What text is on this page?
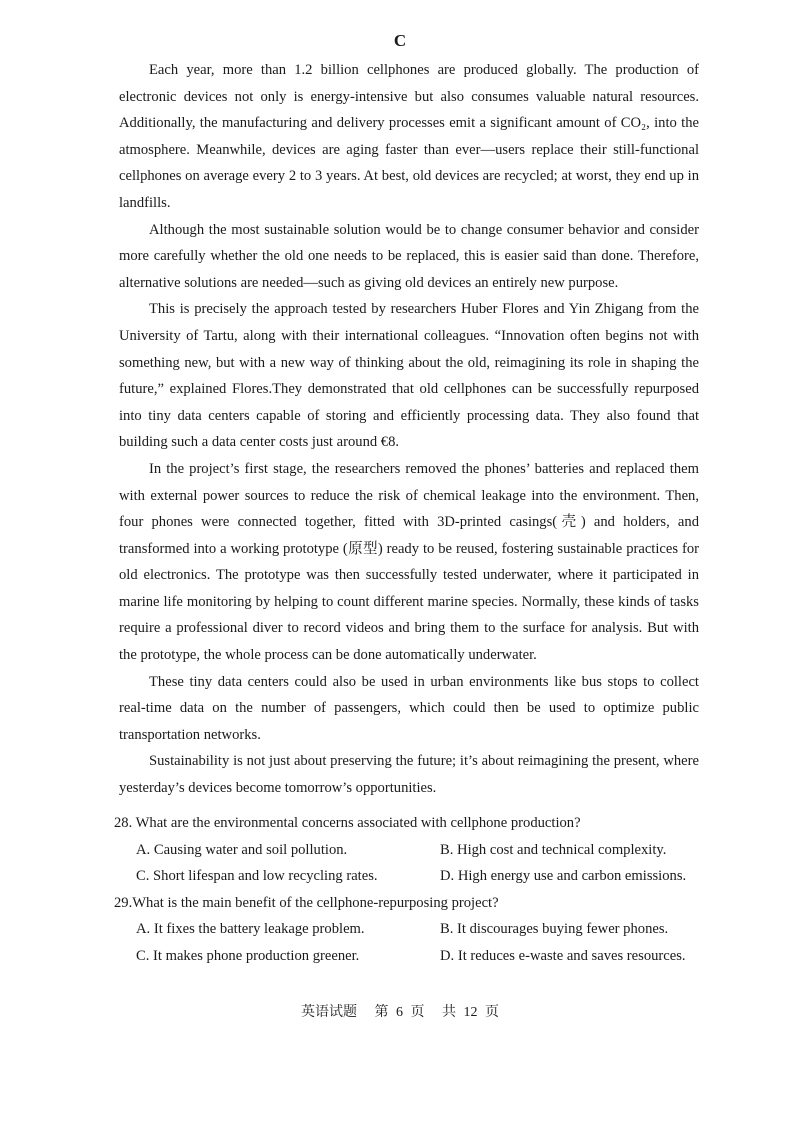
C

Each year, more than 1.2 billion cellphones are produced globally. The production of electronic devices not only is energy-intensive but also consumes valuable natural resources. Additionally, the manufacturing and delivery processes emit a significant amount of CO₂, into the atmosphere. Meanwhile, devices are aging faster than ever—users replace their still-functional cellphones on average every 2 to 3 years. At best, old devices are recycled; at worst, they end up in landfills.

Although the most sustainable solution would be to change consumer behavior and consider more carefully whether the old one needs to be replaced, this is easier said than done. Therefore, alternative solutions are needed—such as giving old devices an entirely new purpose.

This is precisely the approach tested by researchers Huber Flores and Yin Zhigang from the University of Tartu, along with their international colleagues. “Innovation often begins not with something new, but with a new way of thinking about the old, reimagining its role in shaping the future,” explained Flores.They demonstrated that old cellphones can be successfully repurposed into tiny data centers capable of storing and efficiently processing data. They also found that building such a data center costs just around €8.

In the project’s first stage, the researchers removed the phones’ batteries and replaced them with external power sources to reduce the risk of chemical leakage into the environment. Then, four phones were connected together, fitted with 3D-printed casings(壳) and holders, and transformed into a working prototype (原型) ready to be reused, fostering sustainable practices for old electronics. The prototype was then successfully tested underwater, where it participated in marine life monitoring by helping to count different marine species. Normally, these kinds of tasks require a professional diver to record videos and bring them to the surface for analysis. But with the prototype, the whole process can be done automatically underwater.

These tiny data centers could also be used in urban environments like bus stops to collect real-time data on the number of passengers, which could then be used to optimize public transportation networks.

Sustainability is not just about preserving the future; it’s about reimagining the present, where yesterday’s devices become tomorrow’s opportunities.

28. What are the environmental concerns associated with cellphone production?

A. Causing water and soil pollution.	B. High cost and technical complexity.
C. Short lifespan and low recycling rates.	D. High energy use and carbon emissions.

29.What is the main benefit of the cellphone-repurposing project?

A. It fixes the battery leakage problem.	B. It discourages buying fewer phones.
C. It makes phone production greener.	D. It reduces e-waste and saves resources.
英语试题 第 6 页 共 12 页
